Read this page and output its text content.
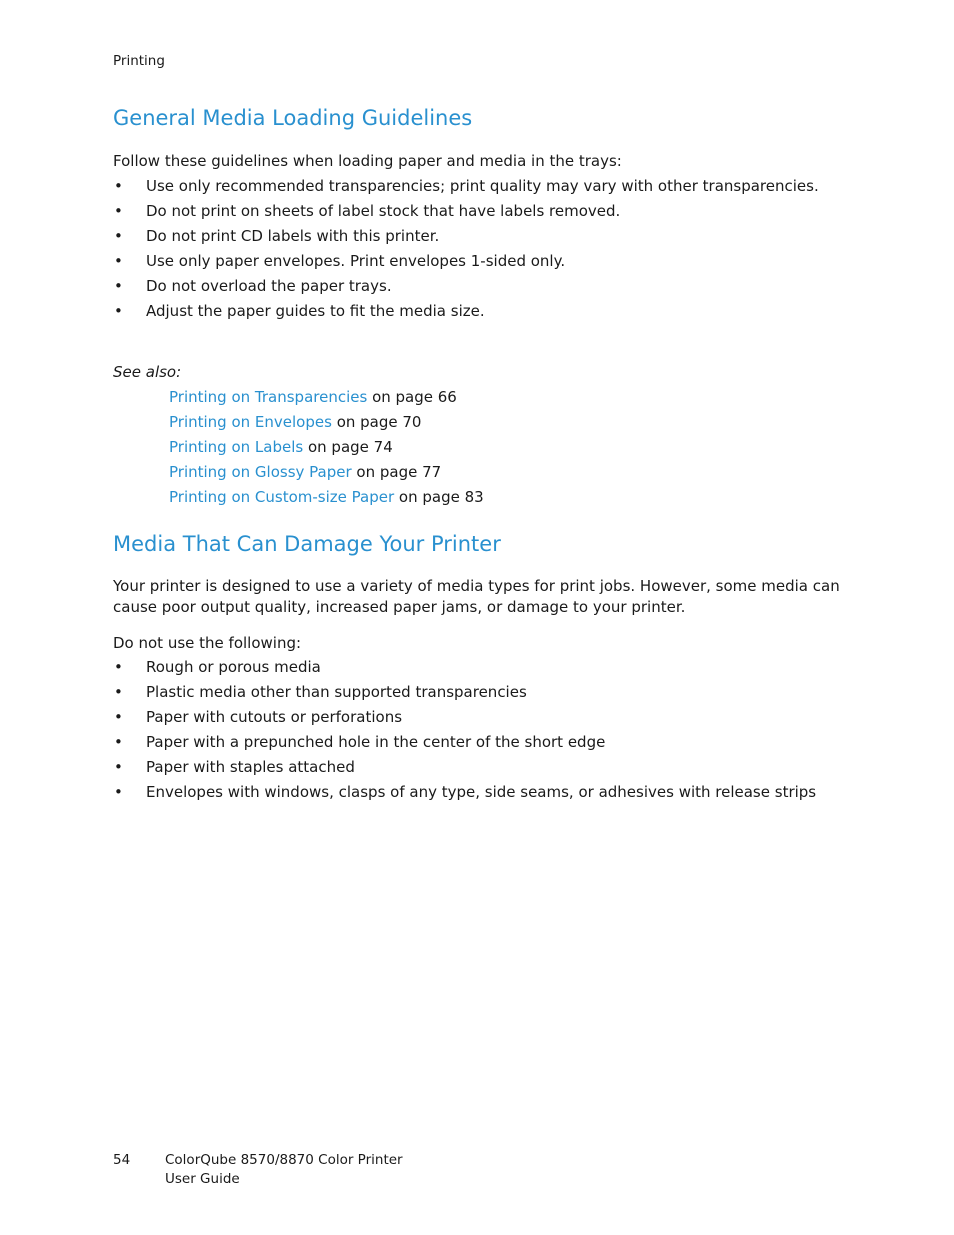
Printing
General Media Loading Guidelines

Follow these guidelines when loading paper and media in the trays:

• Use only recommended transparencies; print quality may vary with other transparencies.
• Do not print on sheets of label stock that have labels removed.
• Do not print CD labels with this printer.
• Use only paper envelopes. Print envelopes 1-sided only.
• Do not overload the paper trays.
• Adjust the paper guides to fit the media size.
See also:
Printing on Transparencies on page 66
Printing on Envelopes on page 70
Printing on Labels on page 74
Printing on Glossy Paper on page 77
Printing on Custom-size Paper on page 83
Media That Can Damage Your Printer

Your printer is designed to use a variety of media types for print jobs. However, some media can cause poor output quality, increased paper jams, or damage to your printer.

Do not use the following:

• Rough or porous media
• Plastic media other than supported transparencies
• Paper with cutouts or perforations
• Paper with a prepunched hole in the center of the short edge
• Paper with staples attached
• Envelopes with windows, clasps of any type, side seams, or adhesives with release strips
54	ColorQube 8570/8870 Color Printer
User Guide
